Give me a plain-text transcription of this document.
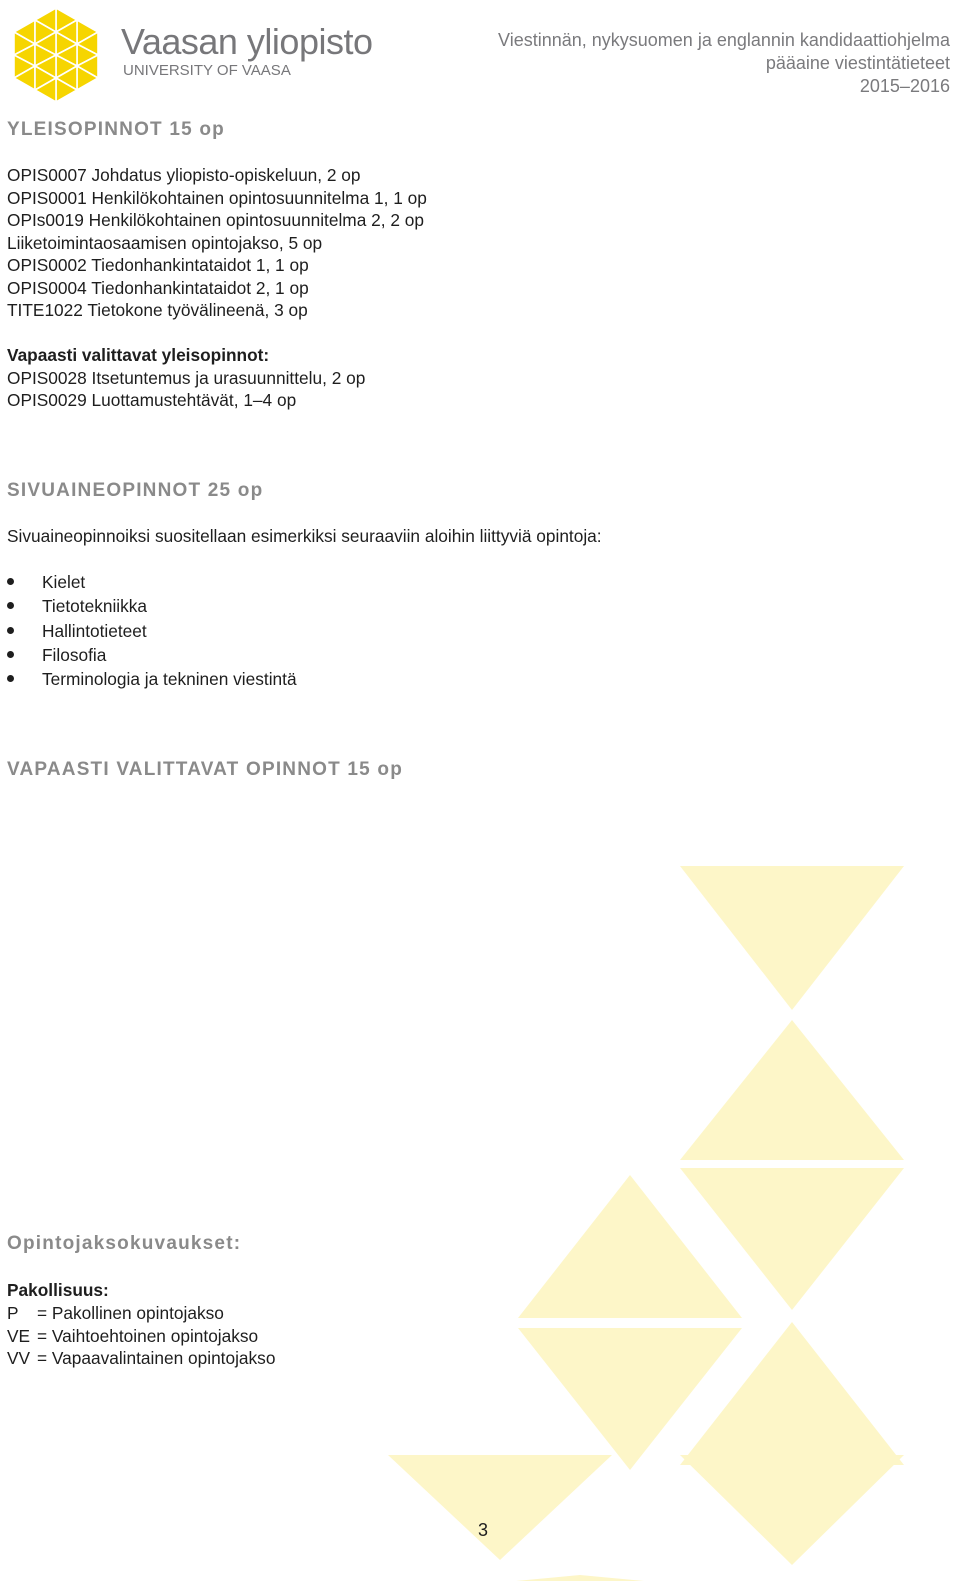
Vaasan yliopisto
UNIVERSITY OF VAASA
Viestinnän, nykysuomen ja englannin kandidaattiohjelma
pääaine viestintätieteet
2015–2016
YLEISOPINNOT 15 op
OPIS0007 Johdatus yliopisto-opiskeluun, 2 op
OPIS0001 Henkilökohtainen opintosuunnitelma 1, 1 op
OPIs0019 Henkilökohtainen opintosuunnitelma 2, 2 op
Liiketoimintaosaamisen opintojakso, 5 op
OPIS0002 Tiedonhankintataidot 1, 1 op
OPIS0004 Tiedonhankintataidot 2, 1 op
TITE1022 Tietokone työvälineenä, 3 op
Vapaasti valittavat yleisopinnot:
OPIS0028 Itsetuntemus ja urasuunnittelu, 2 op
OPIS0029 Luottamustehtävät, 1–4 op
SIVUAINEOPINNOT 25 op

Sivuaineopinnoiksi suositellaan esimerkiksi seuraaviin aloihin liittyviä opintoja:

Kielet
Tietotekniikka
Hallintotieteet
Filosofia
Terminologia ja tekninen viestintä
VAPAASTI VALITTAVAT OPINNOT 15 op
Opintojaksokuvaukset:
Pakollisuus:
P = Pakollinen opintojakso
VE = Vaihtoehtoinen opintojakso
VV = Vapaavalintainen opintojakso
3
